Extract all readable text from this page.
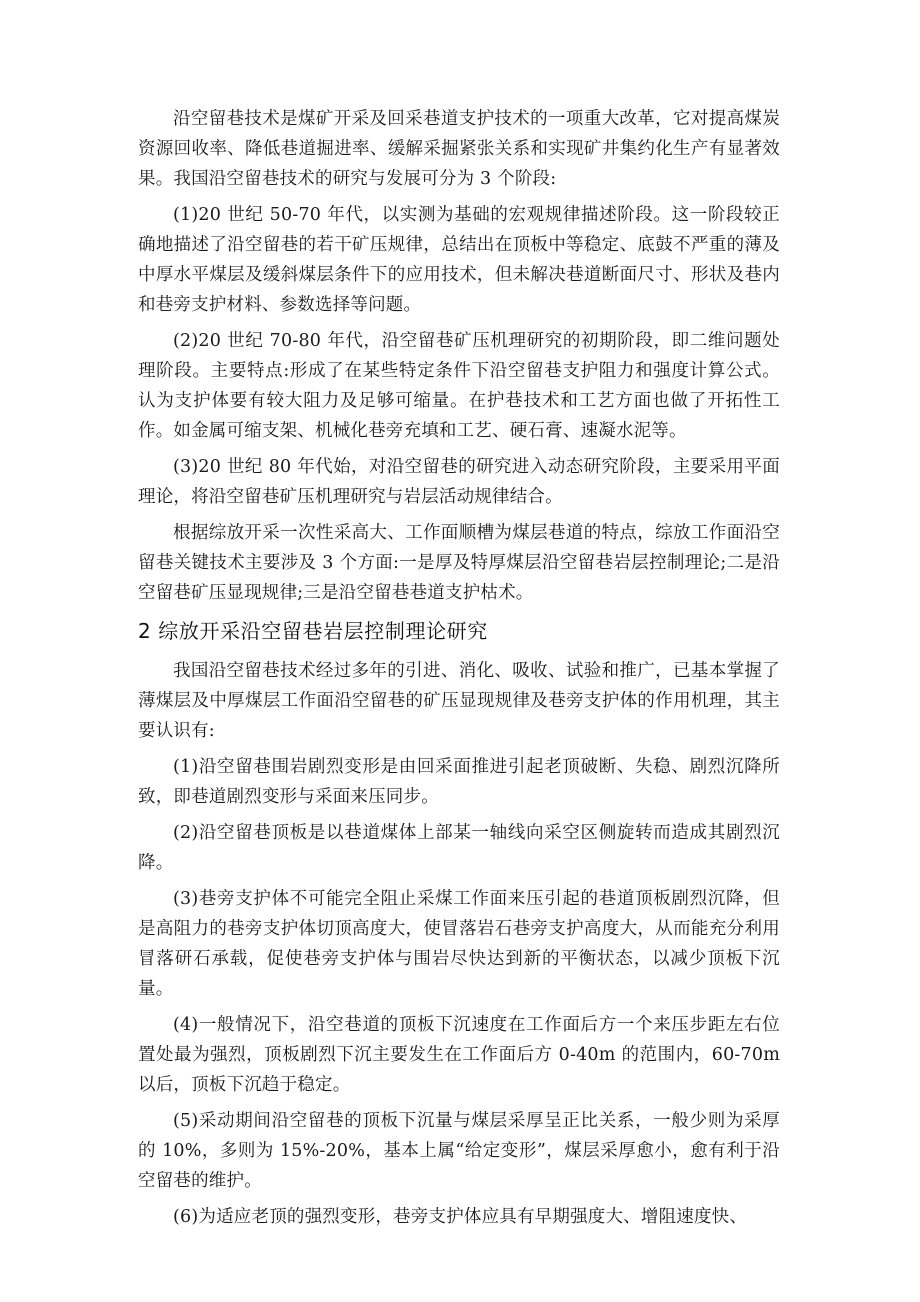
沿空留巷技术是煤矿开采及回采巷道支护技术的一项重大改革，它对提高煤炭资源回收率、降低巷道掘进率、缓解采掘紧张关系和实现矿井集约化生产有显著效果。我国沿空留巷技术的研究与发展可分为 3 个阶段:

(1)20 世纪 50-70 年代，以实测为基础的宏观规律描述阶段。这一阶段较正确地描述了沿空留巷的若干矿压规律，总结出在顶板中等稳定、底鼓不严重的薄及中厚水平煤层及缓斜煤层条件下的应用技术，但未解决巷道断面尺寸、形状及巷内和巷旁支护材料、参数选择等问题。

(2)20 世纪 70-80 年代，沿空留巷矿压机理研究的初期阶段，即二维问题处理阶段。主要特点:形成了在某些特定条件下沿空留巷支护阻力和强度计算公式。认为支护体要有较大阻力及足够可缩量。在护巷技术和工艺方面也做了开拓性工作。如金属可缩支架、机械化巷旁充填和工艺、硬石膏、速凝水泥等。

(3)20 世纪 80 年代始，对沿空留巷的研究进入动态研究阶段，主要采用平面理论，将沿空留巷矿压机理研究与岩层活动规律结合。

根据综放开采一次性采高大、工作面顺槽为煤层巷道的特点，综放工作面沿空留巷关键技术主要涉及 3 个方面:一是厚及特厚煤层沿空留巷岩层控制理论;二是沿空留巷矿压显现规律;三是沿空留巷巷道支护枯术。

2 综放开采沿空留巷岩层控制理论研究

我国沿空留巷技术经过多年的引进、消化、吸收、试验和推广，已基本掌握了薄煤层及中厚煤层工作面沿空留巷的矿压显现规律及巷旁支护体的作用机理，其主要认识有:

(1)沿空留巷围岩剧烈变形是由回采面推进引起老顶破断、失稳、剧烈沉降所致，即巷道剧烈变形与采面来压同步。

(2)沿空留巷顶板是以巷道煤体上部某一轴线向采空区侧旋转而造成其剧烈沉降。

(3)巷旁支护体不可能完全阻止采煤工作面来压引起的巷道顶板剧烈沉降，但是高阻力的巷旁支护体切顶高度大，使冒落岩石巷旁支护高度大，从而能充分利用冒落研石承载，促使巷旁支护体与围岩尽快达到新的平衡状态，以减少顶板下沉量。

(4)一般情况下，沿空巷道的顶板下沉速度在工作面后方一个来压步距左右位置处最为强烈，顶板剧烈下沉主要发生在工作面后方 0-40m 的范围内，60-70m 以后，顶板下沉趋于稳定。

(5)采动期间沿空留巷的顶板下沉量与煤层采厚呈正比关系，一般少则为采厚的 10%，多则为 15%-20%，基本上属“给定变形”，煤层采厚愈小，愈有利于沿空留巷的维护。

(6)为适应老顶的强烈变形，巷旁支护体应具有早期强度大、增阻速度快、
